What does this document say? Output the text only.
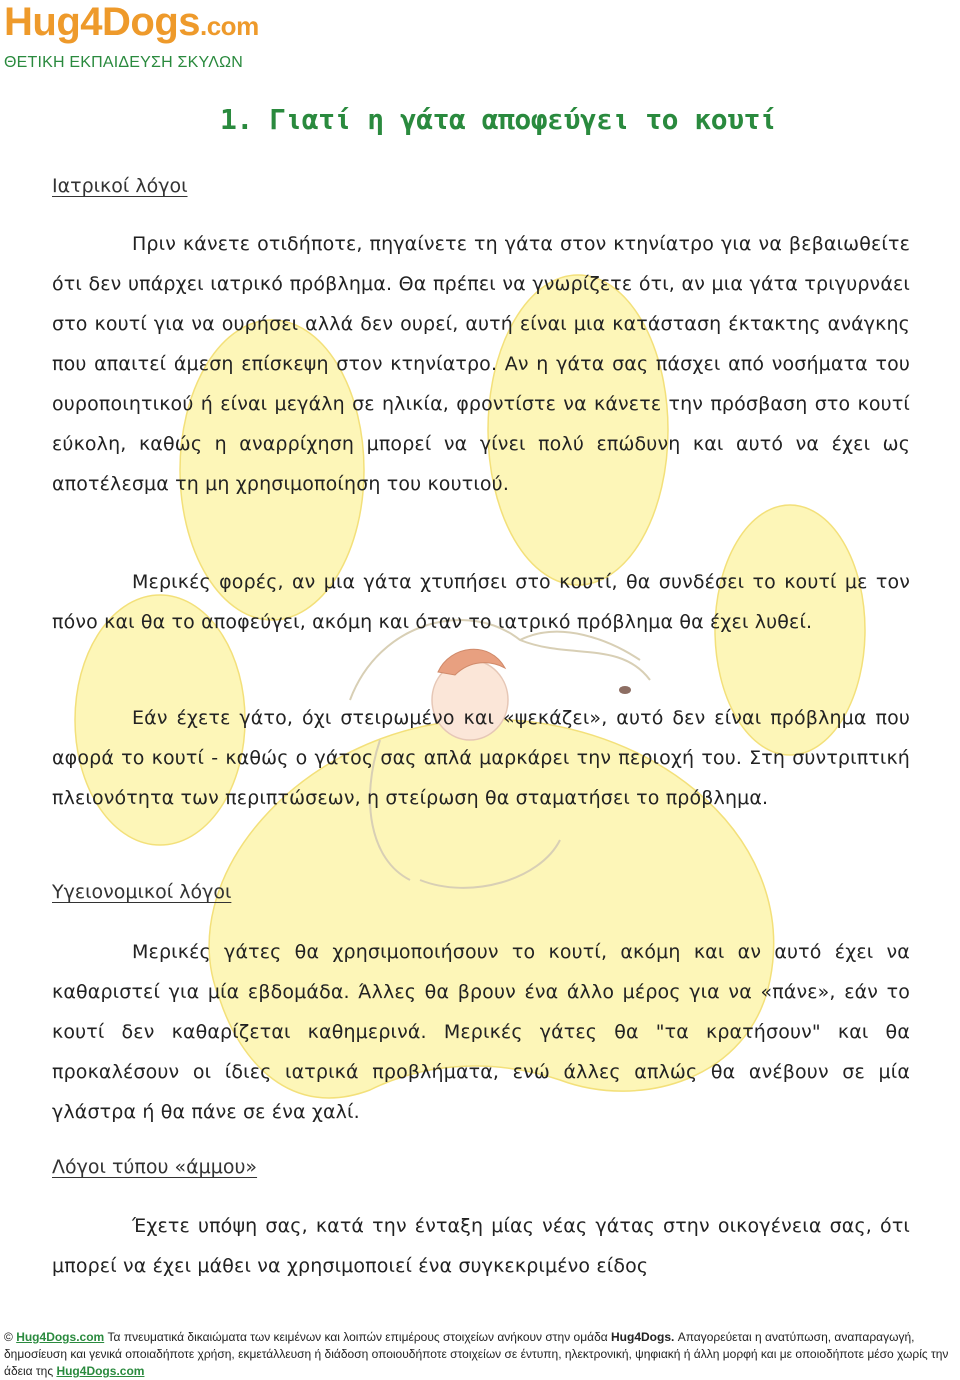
Hug4Dogs.com
ΘΕΤΙΚΗ ΕΚΠΑΙΔΕΥΣΗ ΣΚΥΛΩΝ
1. Γιατί η γάτα αποφεύγει το κουτί
Ιατρικοί λόγοι
Πριν κάνετε οτιδήποτε, πηγαίνετε τη γάτα στον κτηνίατρο για να βεβαιωθείτε ότι δεν υπάρχει ιατρικό πρόβλημα. Θα πρέπει να γνωρίζετε ότι, αν μια γάτα τριγυρνάει στο κουτί για να ουρήσει αλλά δεν ουρεί, αυτή είναι μια κατάσταση έκτακτης ανάγκης που απαιτεί άμεση επίσκεψη στον κτηνίατρο. Αν η γάτα σας πάσχει από νοσήματα του ουροποιητικού ή είναι μεγάλη σε ηλικία, φροντίστε να κάνετε την πρόσβαση στο κουτί εύκολη, καθώς η αναρρίχηση μπορεί να γίνει πολύ επώδυνη και αυτό να έχει ως αποτέλεσμα τη μη χρησιμοποίηση του κουτιού.
Μερικές φορές, αν μια γάτα χτυπήσει στο κουτί, θα συνδέσει το κουτί με τον πόνο και θα το αποφεύγει, ακόμη και όταν το ιατρικό πρόβλημα θα έχει λυθεί.
Εάν έχετε γάτο, όχι στειρωμένο και «ψεκάζει», αυτό δεν είναι πρόβλημα που αφορά το κουτί - καθώς ο γάτος σας απλά μαρκάρει την περιοχή του. Στη συντριπτική πλειονότητα των περιπτώσεων, η στείρωση θα σταματήσει το πρόβλημα.
Υγειονομικοί λόγοι
Μερικές γάτες θα χρησιμοποιήσουν το κουτί, ακόμη και αν αυτό έχει να καθαριστεί για μία εβδομάδα. Άλλες θα βρουν ένα άλλο μέρος για να «πάνε», εάν το κουτί δεν καθαρίζεται καθημερινά. Μερικές γάτες θα "τα κρατήσουν" και θα προκαλέσουν οι ίδιες ιατρικά προβλήματα, ενώ άλλες απλώς θα ανέβουν σε μία γλάστρα ή θα πάνε σε ένα χαλί.
Λόγοι τύπου «άμμου»
Έχετε υπόψη σας, κατά την ένταξη μίας νέας γάτας στην οικογένεια σας, ότι μπορεί να έχει μάθει να χρησιμοποιεί ένα συγκεκριμένο είδος
© Hug4Dogs.com Τα πνευματικά δικαιώματα των κειμένων και λοιπών επιμέρους στοιχείων ανήκουν στην ομάδα Hug4Dogs. Απαγορεύεται η ανατύπωση, αναπαραγωγή, δημοσίευση και γενικά οποιαδήποτε χρήση, εκμετάλλευση ή διάδοση οποιουδήποτε στοιχείων σε έντυπη, ηλεκτρονική, ψηφιακή ή άλλη μορφή και με οποιοδήποτε μέσο χωρίς την άδεια της Hug4Dogs.com
